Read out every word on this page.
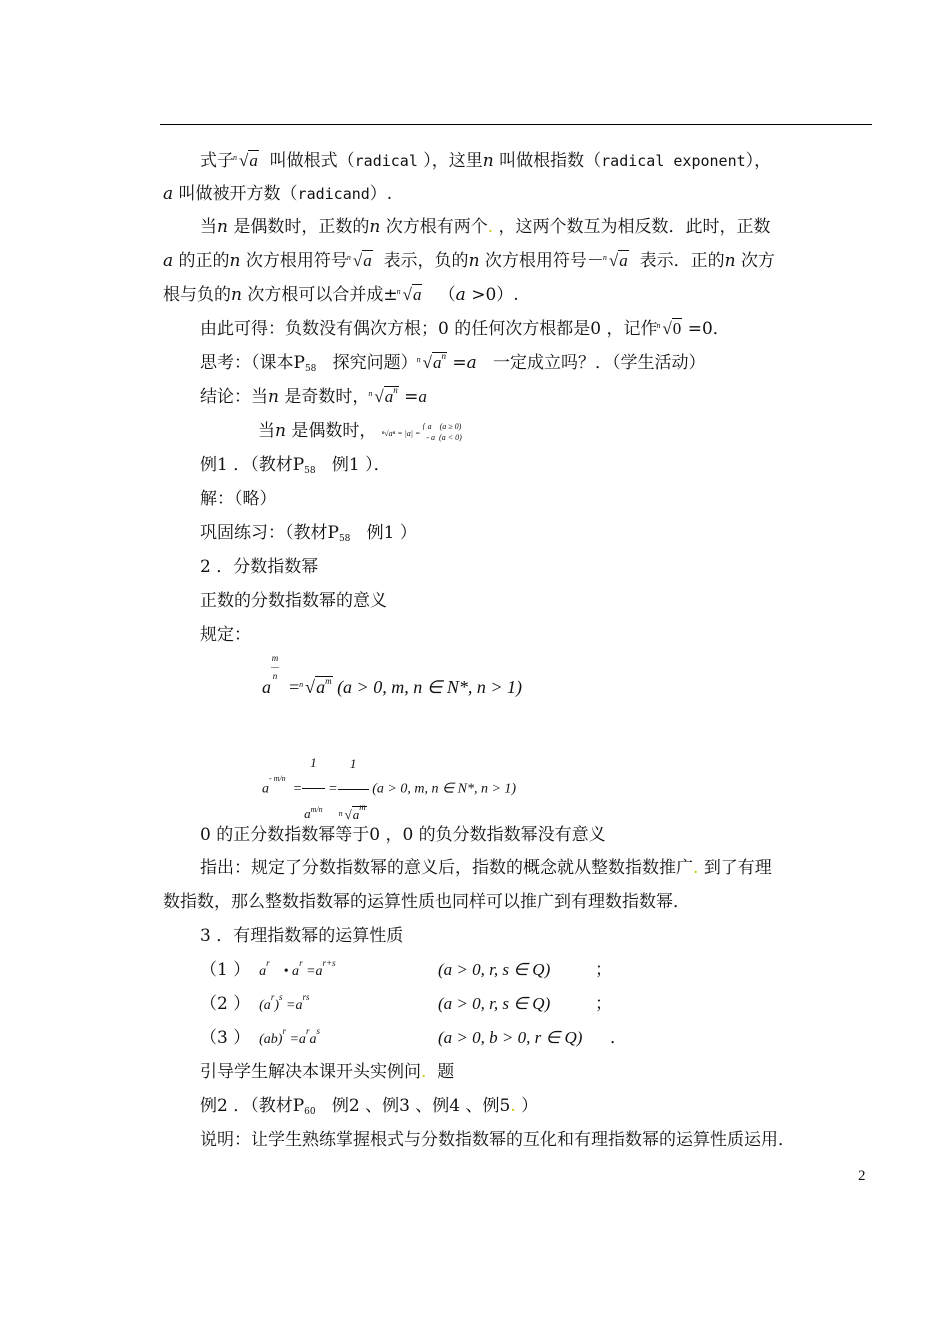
式子 n √a 叫做根式（radical ），这里n 叫做根指数（radical exponent），
a 叫做被开方数（radicand）.
当n 是偶数时，正数的n 次方根有两个. ，这两个数互为相反数．此时，正数
a 的正的n 次方根用符号 n √a 表示，负的n 次方根用符号－ n √a 表示．正的n 次方
根与负的n 次方根可以合并成± n √a （a >0）.
由此可得：负数没有偶次方根；0 的任何次方根都是0 ，记作 n √0 =0．
思考：（课本P58 探究问题） n $√a^n =a$ 一定成立吗？．（学生活动）
结论：当n 是奇数时， n $√a^n =a$
当n 是偶数时， ⁿ√aⁿ = |a| = { a    (a ≥ 0)
- a  (a < 0)
例1 ．（教材P58 例1 ）．
解：（略）
巩固练习：（教材P58 例1 ）
2 ．分数指数幂
正数的分数指数幂的意义
规定：
am
—
n  = n $√a^m$ (a > 0, m, n ∈ N*, n > 1)
$a^{- m/n} = \frac{1}{a^{m/n}} = \frac{1}{n √a^m} (a > 0$, m, n ∈ N*, n > 1)
0 的正分数指数幂等于0 ，0 的负分数指数幂没有意义
指出：规定了分数指数幂的意义后，指数的概念就从整数指数推广. 到了有理
数指数，那么整数指数幂的运算性质也同样可以推广到有理数指数幂．
3 ．有理指数幂的运算性质
（1 ）  $a^r$    • $a^r =a^{r+s}$	(a > 0, r, s ∈ Q)	；
（2 ）  $(a^r)^s =a^{rs}$	(a > 0, r, s ∈ Q)	；
（3 ）  $(ab)^r =a^ra^s$	(a > 0, b > 0, r ∈ Q) ．
引导学生解决本课开头实例问. 题
例2 ．（教材P60 例2 、例3 、例4 、例5. ）
说明：让学生熟练掌握根式与分数指数幂的互化和有理指数幂的运算性质运用．
2
